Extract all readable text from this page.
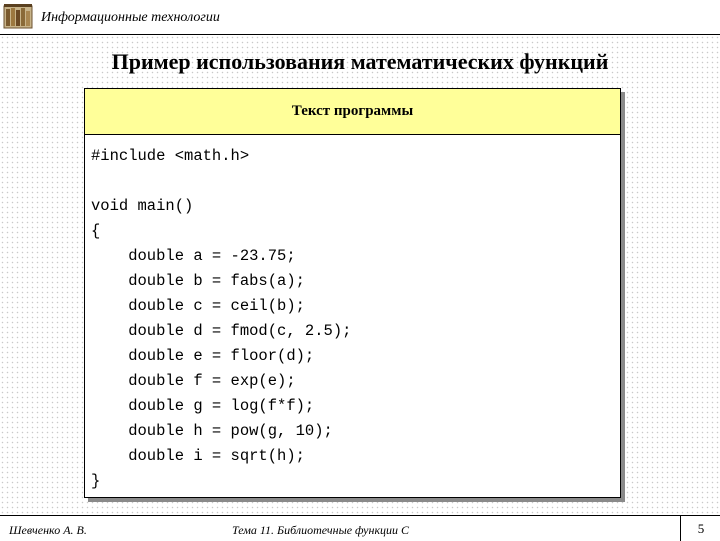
Информационные технологии
Пример использования математических функций
Текст программы
#include <math.h>
void main()
{
double a = -23.75;
double b = fabs(a);
double c = ceil(b);
double d = fmod(c, 2.5);
double e = floor(d);
double f = exp(e);
double g = log(f*f);
double h = pow(g, 10);
double i = sqrt(h);
}
Шевченко А. В.	Тема 11. Библиотечные функции С	5
